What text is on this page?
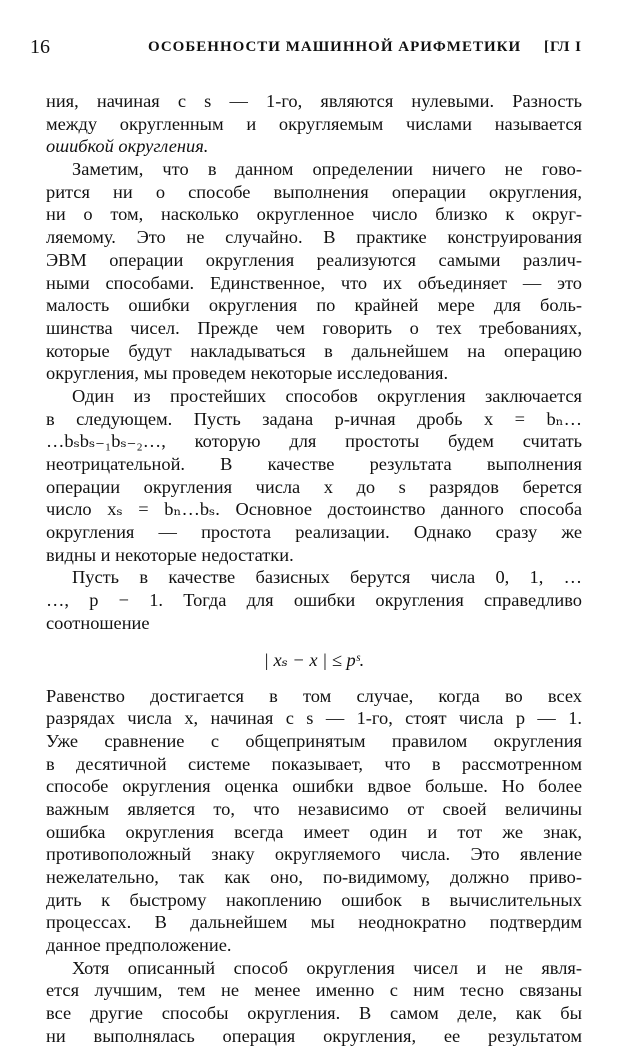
16	ОСОБЕННОСТИ МАШИННОЙ АРИФМЕТИКИ [ГЛ I
ния, начиная с s — 1-го, являются нулевыми. Разность
между округленным и округляемым числами называется
ошибкой округления.
Заметим, что в данном определении ничего не гово-
рится ни о способе выполнения операции округления,
ни о том, насколько округленное число близко к округ-
ляемому. Это не случайно. В практике конструирования
ЭВМ операции округления реализуются самыми различ-
ными способами. Единственное, что их объединяет — это
малость ошибки округления по крайней мере для боль-
шинства чисел. Прежде чем говорить о тех требованиях,
которые будут накладываться в дальнейшем на операцию
округления, мы проведем некоторые исследования.
Один из простейших способов округления заключается
в следующем. Пусть задана p-ичная дробь x = bₙ…
…bₛbₛ₋₁bₛ₋₂…, которую для простоты будем считать
неотрицательной. В качестве результата выполнения
операции округления числа x до s разрядов берется
число xₛ = bₙ…bₛ. Основное достоинство данного способа
округления — простота реализации. Однако сразу же
видны и некоторые недостатки.
Пусть в качестве базисных берутся числа 0, 1, …
…, p − 1. Тогда для ошибки округления справедливо
соотношение
| xₛ − x | ≤ pˢ.
Равенство достигается в том случае, когда во всех
разрядах числа x, начиная с s — 1-го, стоят числа p — 1.
Уже сравнение с общепринятым правилом округления
в десятичной системе показывает, что в рассмотренном
способе округления оценка ошибки вдвое больше. Но более
важным является то, что независимо от своей величины
ошибка округления всегда имеет один и тот же знак,
противоположный знаку округляемого числа. Это явление
нежелательно, так как оно, по-видимому, должно приво-
дить к быстрому накоплению ошибок в вычислительных
процессах. В дальнейшем мы неоднократно подтвердим
данное предположение.
Хотя описанный способ округления чисел и не явля-
ется лучшим, тем не менее именно с ним тесно связаны
все другие способы округления. В самом деле, как бы
ни выполнялась операция округления, ее результатом
